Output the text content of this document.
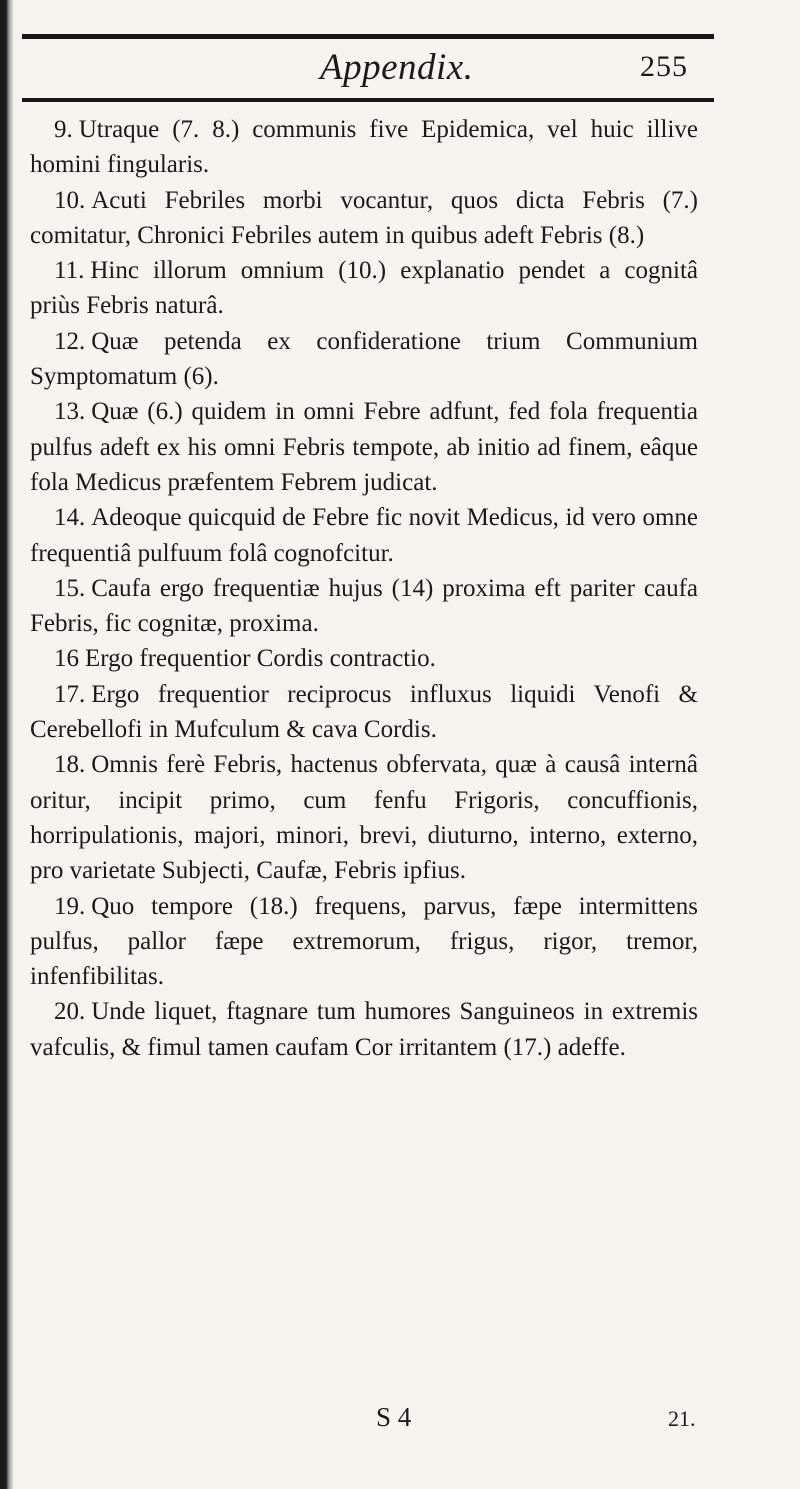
Appendix.	255

9. Utraque (7. 8.) communis five Epidemica, vel huic illive homini fingularis.

10. Acuti Febriles morbi vocantur, quos dicta Febris (7.) comitatur, Chronici Febriles autem in quibus adeft Febris (8.)

11. Hinc illorum omnium (10.) explanatio pendet a cognitâ priùs Febris naturâ.

12. Quæ petenda ex confideratione trium Communium Symptomatum (6).

13. Quæ (6.) quidem in omni Febre adfunt, fed fola frequentia pulfus adeft ex his omni Febris tempote, ab initio ad finem, eâque fola Medicus præfentem Febrem judicat.

14. Adeoque quicquid de Febre fic novit Medicus, id vero omne frequentiâ pulfuum folâ cognofcitur.

15. Caufa ergo frequentiæ hujus (14) proxima eft pariter caufa Febris, fic cognitæ, proxima.

16 Ergo frequentior Cordis contractio.

17. Ergo frequentior reciprocus influxus liquidi Venofi & Cerebellofi in Mufculum & cava Cordis.

18. Omnis ferè Febris, hactenus obfervata, quæ à causâ internâ oritur, incipit primo, cum fenfu Frigoris, concuffionis, horripulationis, majori, minori, brevi, diuturno, interno, externo, pro varietate Subjecti, Caufæ, Febris ipfius.

19. Quo tempore (18.) frequens, parvus, fæpe intermittens pulfus, pallor fæpe extremorum, frigus, rigor, tremor, infenfibilitas.

20. Unde liquet, ftagnare tum humores Sanguineos in extremis vafculis, & fimul tamen caufam Cor irritantem (17.) adeffe.

S 4	21.
